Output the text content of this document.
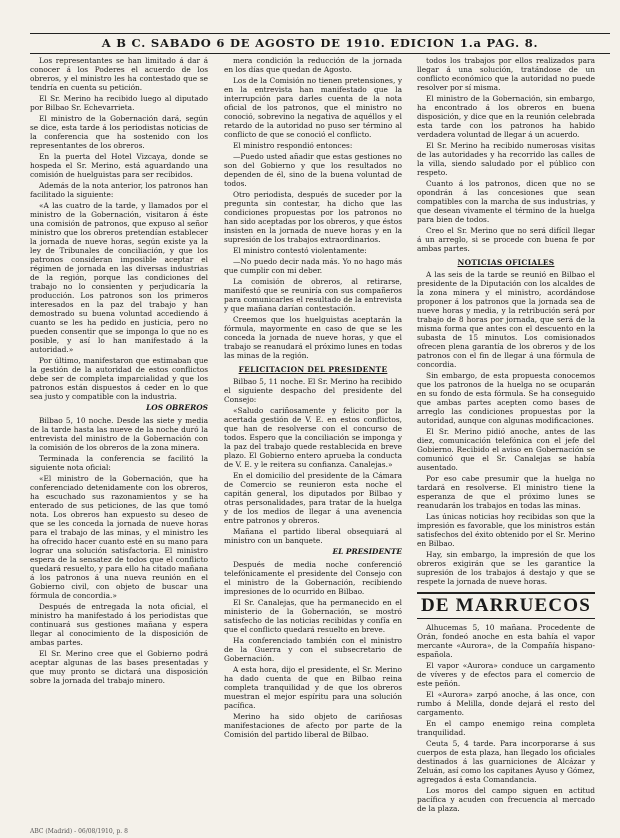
A B C. SABADO 6 DE AGOSTO DE 1910. EDICION 1.a PAG. 8.

Los representantes se han limitado á dar á conocer á los Poderes el acuerdo de los obreros, y el ministro les ha contestado que se tendría en cuenta su petición.

El Sr. Merino ha recibido luego al diputado por Bilbao Sr. Echevarrieta.

El ministro de la Gobernación dará, según se dice, esta tarde á los periodistas noticias de la conferencia que ha sostenido con los representantes de los obreros.

En la puerta del Hotel Vizcaya, donde se hospeda el Sr. Merino, está aguardando una comisión de huelguistas para ser recibidos.

Además de la nota anterior, los patronos han facilitado la siguiente:

«A las cuatro de la tarde, y llamados por el ministro de la Gobernación, visitaron á éste una comisión de patronos, que expuso al señor ministro que los obreros pretendían establecer la jornada de nueve horas, según existe ya la ley de Tribunales de conciliación, y que los patronos consideran imposible aceptar el régimen de jornada en las diversas industrias de la región, porque las condiciones del trabajo no lo consienten y perjudicaría la producción. Los patronos son los primeros interesados en la paz del trabajo y han demostrado su buena voluntad accediendo á cuanto se les ha pedido en justicia, pero no pueden consentir que se imponga lo que no es posible, y así lo han manifestado á la autoridad.»

Por último, manifestaron que estimaban que la gestión de la autoridad de estos conflictos debe ser de completa imparcialidad y que los patronos están dispuestos á ceder en lo que sea justo y compatible con la industria.

LOS OBREROS

Bilbao 5, 10 noche. Desde las siete y media de la tarde hasta las nueve de la noche duró la entrevista del ministro de la Gobernación con la comisión de los obreros de la zona minera.

Terminada la conferencia se facilitó la siguiente nota oficial:

«El ministro de la Gobernación, que ha conferenciado detenidamente con los obreros, ha escuchado sus razonamientos y se ha enterado de sus peticiones, de las que tomó nota. Los obreros han expuesto su deseo de que se les conceda la jornada de nueve horas para el trabajo de las minas, y el ministro les ha ofrecido hacer cuanto esté en su mano para lograr una solución satisfactoria. El ministro espera de la sensatez de todos que el conflicto quedará resuelto, y para ello ha citado mañana á los patronos á una nueva reunión en el Gobierno civil, con objeto de buscar una fórmula de concordia.»

Después de entregada la nota oficial, el ministro ha manifestado á los periodistas que continuará sus gestiones mañana y espera llegar al conocimiento de la disposición de ambas partes.

El Sr. Merino cree que el Gobierno podrá aceptar algunas de las bases presentadas y que muy pronto se dictará una disposición sobre la jornada del trabajo minero.

mera condición la reducción de la jornada en los días que quedan de Agosto.

Los de la Comisión no tienen pretensiones, y en la entrevista han manifestado que la interrupción para darles cuenta de la nota oficial de los patronos, que el ministro no conoció, sobrevino la negativa de aquéllos y el retardo de la autoridad no puso ser término al conflicto de que se conoció el conflicto.

El ministro respondió entonces:

—Puedo usted añadir que estas gestiones no son del Gobierno y que los resultados no dependen de él, sino de la buena voluntad de todos.

Otro periodista, después de suceder por la pregunta sin contestar, ha dicho que las condiciones propuestas por los patronos no han sido aceptadas por los obreros, y que éstos insisten en la jornada de nueve horas y en la supresión de los trabajos extraordinarios.

El ministro contestó violentamente:

—No puedo decir nada más. Yo no hago más que cumplir con mi deber.

La comisión de obreros, al retirarse, manifestó que se reuniría con sus compañeros para comunicarles el resultado de la entrevista y que mañana darían contestación.

Creemos que los huelguistas aceptarán la fórmula, mayormente en caso de que se les conceda la jornada de nueve horas, y que el trabajo se reanudará el próximo lunes en todas las minas de la región.

FELICITACION DEL PRESIDENTE

Bilbao 5, 11 noche. El Sr. Merino ha recibido el siguiente despacho del presidente del Consejo:

«Saludo cariñosamente y felicito por la acertada gestión de V. E. en estos conflictos, que han de resolverse con el concurso de todos. Espero que la conciliación se imponga y la paz del trabajo quede restablecida en breve plazo. El Gobierno entero aprueba la conducta de V. E. y le reitera su confianza. Canalejas.»

En el domicilio del presidente de la Cámara de Comercio se reunieron esta noche el capitán general, los diputados por Bilbao y otras personalidades, para tratar de la huelga y de los medios de llegar á una avenencia entre patronos y obreros.

Mañana el partido liberal obsequiará al ministro con un banquete.

EL PRESIDENTE

Después de media noche conferenció telefónicamente el presidente del Consejo con el ministro de la Gobernación, recibiendo impresiones de lo ocurrido en Bilbao.

El Sr. Canalejas, que ha permanecido en el ministerio de la Gobernación, se mostró satisfecho de las noticias recibidas y confía en que el conflicto quedará resuelto en breve.

Ha conferenciado también con el ministro de la Guerra y con el subsecretario de Gobernación.

A esta hora, dijo el presidente, el Sr. Merino ha dado cuenta de que en Bilbao reina completa tranquilidad y de que los obreros muestran el mejor espíritu para una solución pacífica.

Merino ha sido objeto de cariñosas manifestaciones de afecto por parte de la Comisión del partido liberal de Bilbao.

todos los trabajos por ellos realizados para llegar á una solución, tratándose de un conflicto económico que la autoridad no puede resolver por sí misma.

El ministro de la Gobernación, sin embargo, ha encontrado á los obreros en buena disposición, y dice que en la reunión celebrada esta tarde con los patronos ha habido verdadera voluntad de llegar á un acuerdo.

El Sr. Merino ha recibido numerosas visitas de las autoridades y ha recorrido las calles de la villa, siendo saludado por el público con respeto.

Cuanto á los patronos, dicen que no se opondrán á las concesiones que sean compatibles con la marcha de sus industrias, y que desean vivamente el término de la huelga para bien de todos.

Creo el Sr. Merino que no será difícil llegar á un arreglo, si se procede con buena fe por ambas partes.

NOTICIAS OFICIALES

A las seis de la tarde se reunió en Bilbao el presidente de la Diputación con los alcaldes de la zona minera y el ministro, acordándose proponer á los patronos que la jornada sea de nueve horas y media, y la retribución será por trabajo de 8 horas por jornada, que será de la misma forma que antes con el descuento en la subasta de 15 minutos. Los comisionados ofrecen plena garantía de los obreros y de los patronos con el fin de llegar á una fórmula de concordia.

Sin embargo, de esta propuesta conocemos que los patronos de la huelga no se ocuparán en su fondo de esta fórmula. Se ha conseguido que ambas partes acepten como bases de arreglo las condiciones propuestas por la autoridad, aunque con algunas modificaciones.

El Sr. Merino pidió anoche, antes de las diez, comunicación telefónica con el jefe del Gobierno. Recibido el aviso en Gobernación se comunicó que el Sr. Canalejas se había ausentado.

Por eso cabe presumir que la huelga no tardará en resolverse. El ministro tiene la esperanza de que el próximo lunes se reanudarán los trabajos en todas las minas.

Las únicas noticias hoy recibidas son que la impresión es favorable, que los ministros están satisfechos del éxito obtenido por el Sr. Merino en Bilbao.

Hay, sin embargo, la impresión de que los obreros exigirán que se les garantice la supresión de los trabajos á destajo y que se respete la jornada de nueve horas.

DE MARRUECOS

Alhucemas 5, 10 mañana. Procedente de Orán, fondeó anoche en esta bahía el vapor mercante «Aurora», de la Compañía hispano-española.

El vapor «Aurora» conduce un cargamento de víveres y de efectos para el comercio de este peñón.

El «Aurora» zarpó anoche, á las once, con rumbo á Melilla, donde dejará el resto del cargamento.

En el campo enemigo reina completa tranquilidad.

Ceuta 5, 4 tarde. Para incorporarse á sus cuerpos de esta plaza, han llegado los oficiales destinados á las guarniciones de Alcázar y Zeluán, así como los capitanes Ayuso y Gómez, agregados á esta Comandancia.

Los moros del campo siguen en actitud pacífica y acuden con frecuencia al mercado de la plaza.

ABC (Madrid) - 06/08/1910, p. 8
